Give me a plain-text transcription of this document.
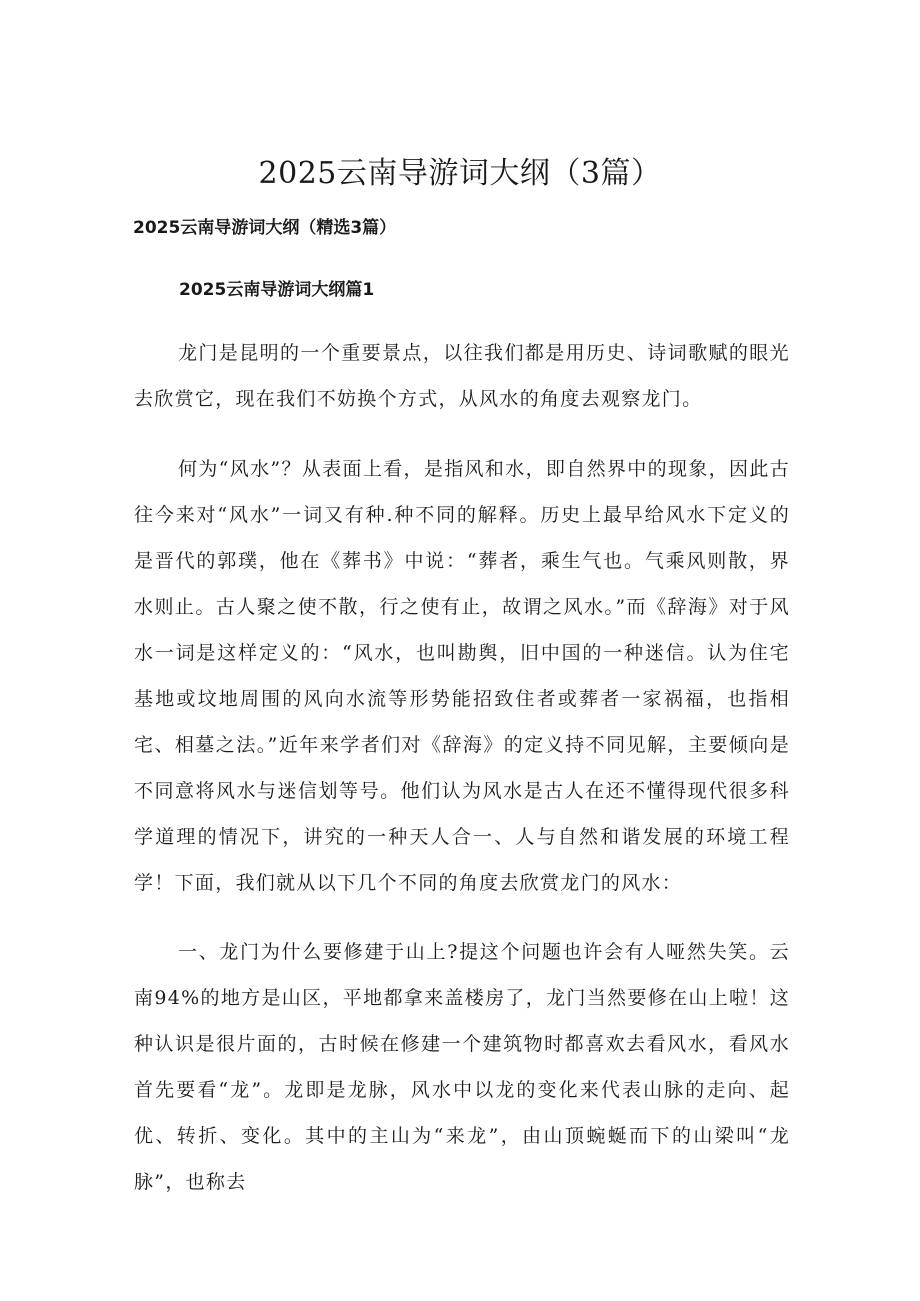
2025云南导游词大纲（3篇）

2025云南导游词大纲（精选3篇）

2025云南导游词大纲篇1

龙门是昆明的一个重要景点，以往我们都是用历史、诗词歌赋的眼光去欣赏它，现在我们不妨换个方式，从风水的角度去观察龙门。

何为“风水”？从表面上看，是指风和水，即自然界中的现象，因此古往今来对“风水”一词又有种.种不同的解释。历史上最早给风水下定义的是晋代的郭璞，他在《葬书》中说：“葬者，乘生气也。气乘风则散，界水则止。古人聚之使不散，行之使有止，故谓之风水。”而《辞海》对于风水一词是这样定义的：“风水，也叫勘舆，旧中国的一种迷信。认为住宅基地或坟地周围的风向水流等形势能招致住者或葬者一家祸福，也指相宅、相墓之法。”近年来学者们对《辞海》的定义持不同见解，主要倾向是不同意将风水与迷信划等号。他们认为风水是古人在还不懂得现代很多科学道理的情况下，讲究的一种天人合一、人与自然和谐发展的环境工程学！下面，我们就从以下几个不同的角度去欣赏龙门的风水：

一、龙门为什么要修建于山上?提这个问题也许会有人哑然失笑。云南94%的地方是山区，平地都拿来盖楼房了，龙门当然要修在山上啦！这种认识是很片面的，古时候在修建一个建筑物时都喜欢去看风水，看风水首先要看“龙”。龙即是龙脉，风水中以龙的变化来代表山脉的走向、起优、转折、变化。其中的主山为“来龙”，由山顶蜿蜒而下的山梁叫“龙脉”，也称去
